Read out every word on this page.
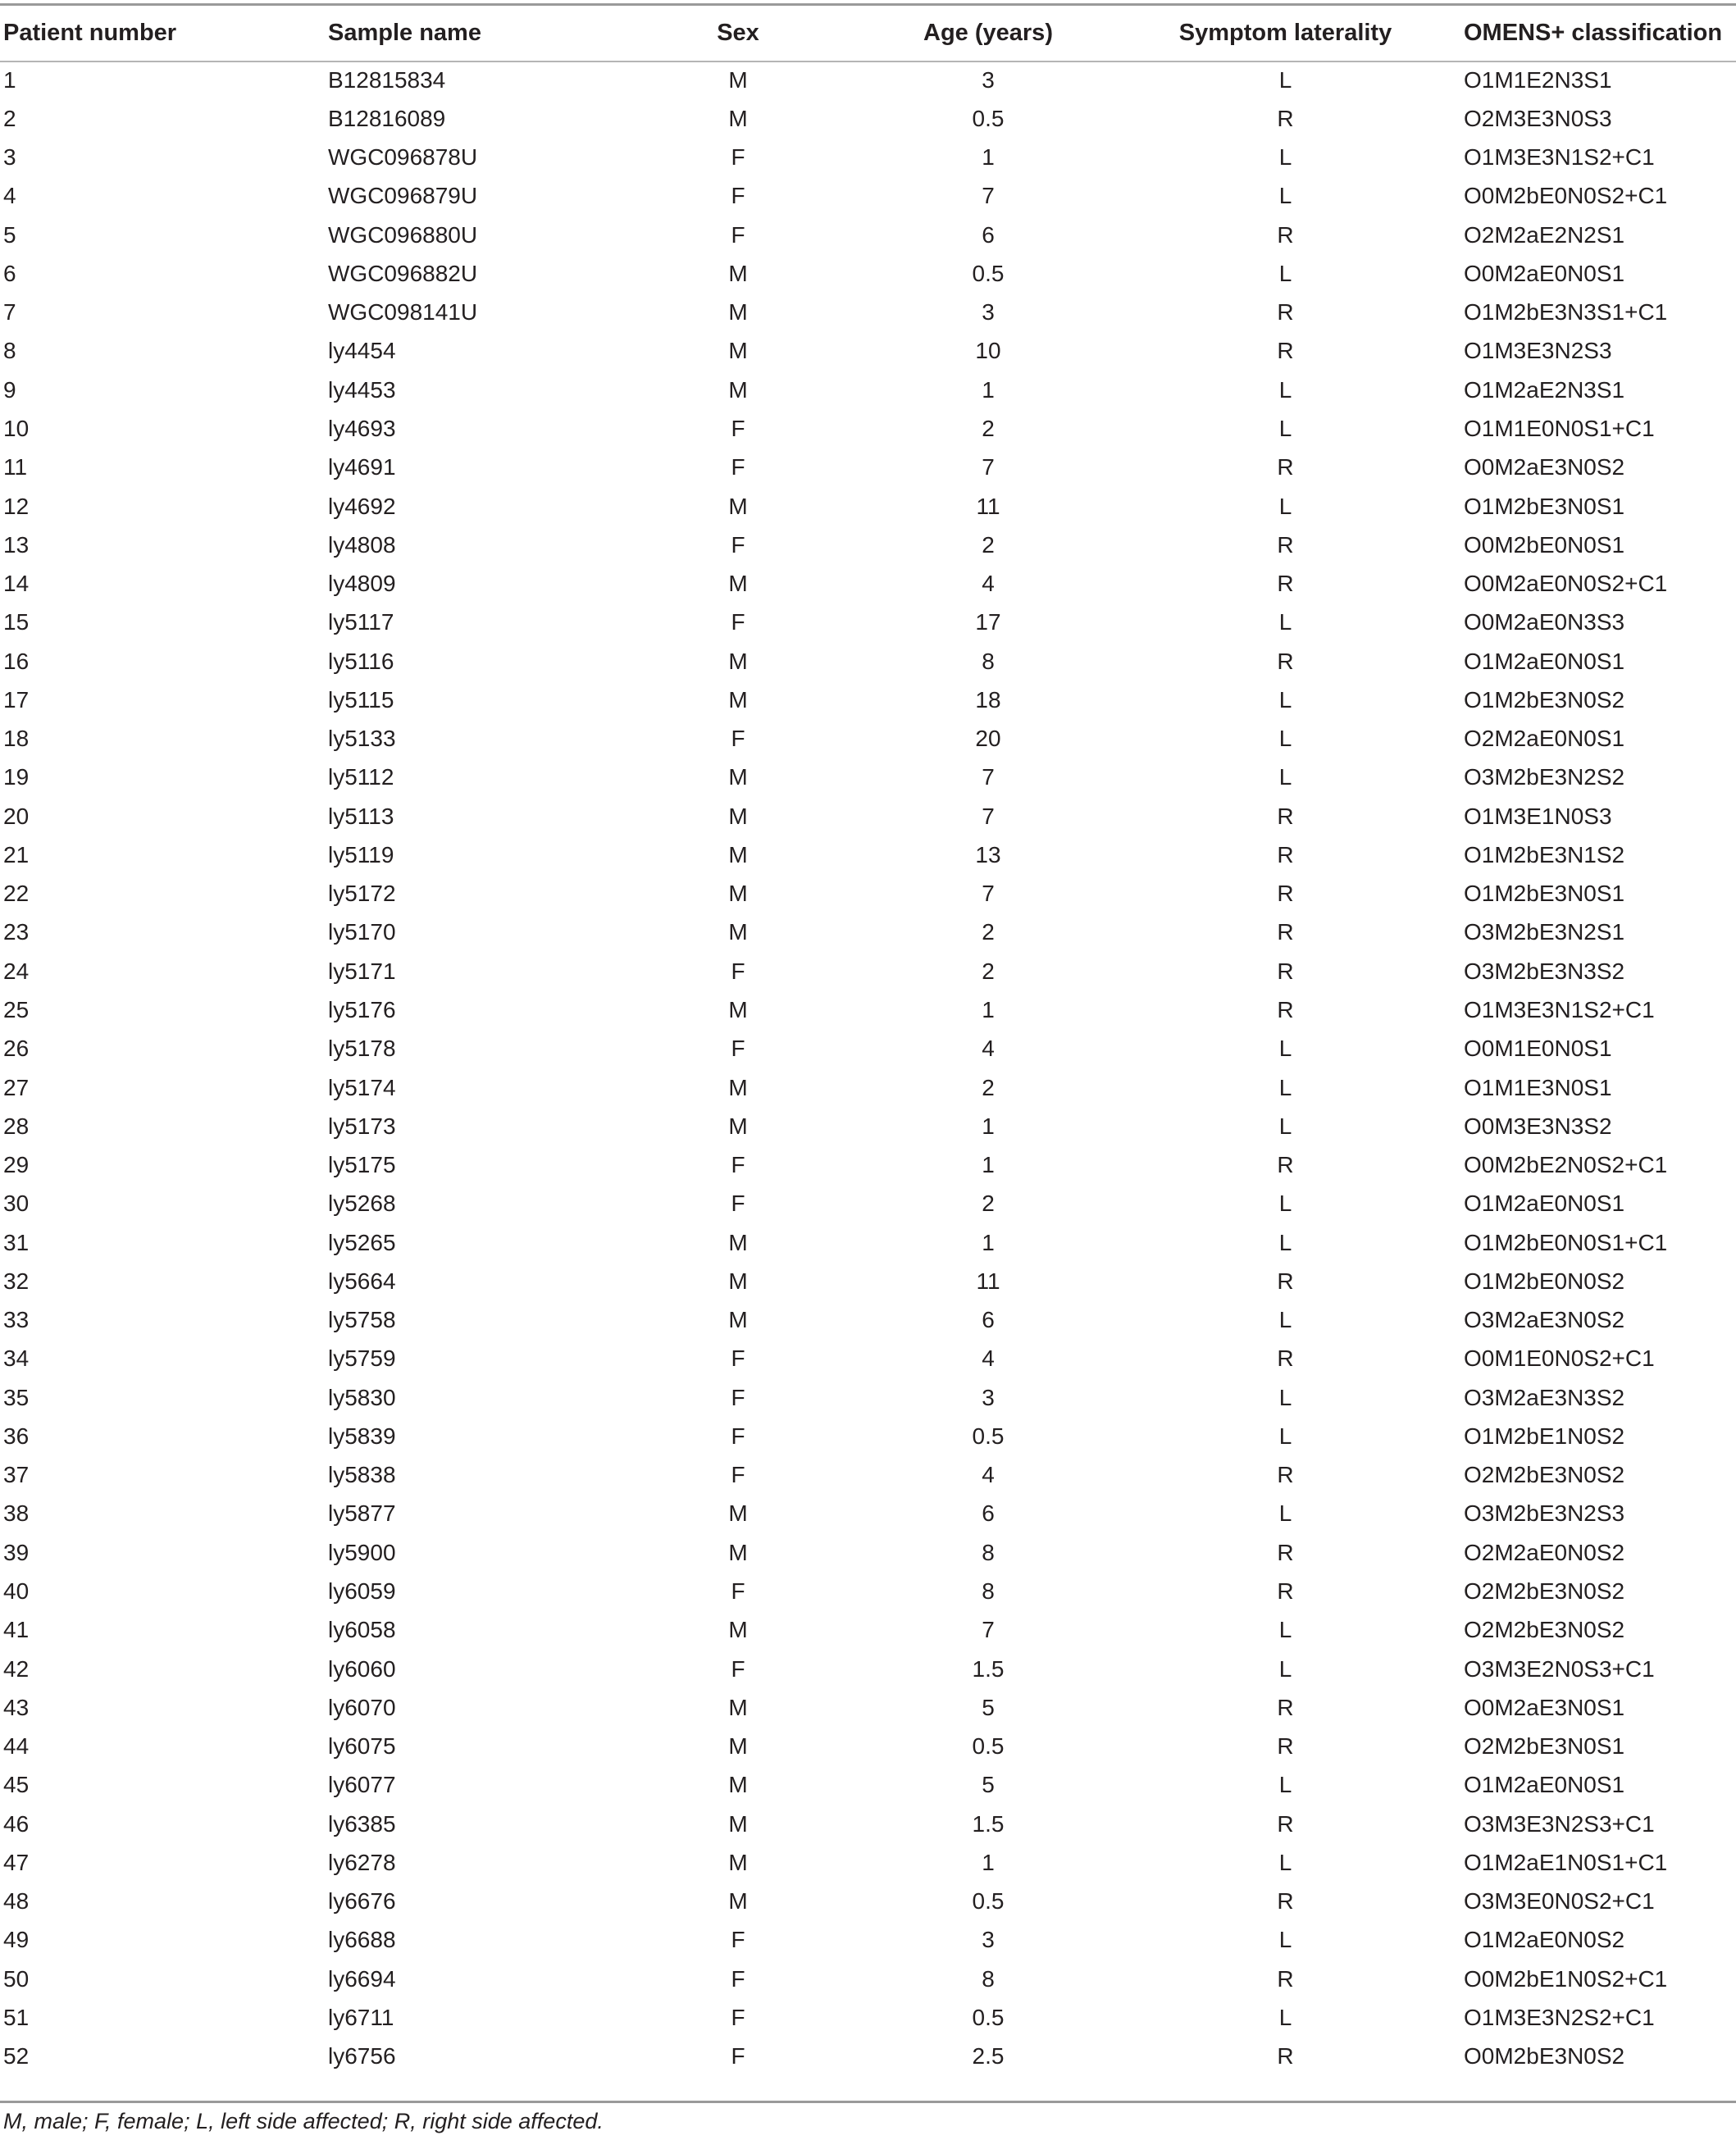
Patient number	Sample name	Sex	Age (years)	Symptom laterality	OMENS+ classification
1	B12815834	M	3	L	O1M1E2N3S1
2	B12816089	M	0.5	R	O2M3E3N0S3
3	WGC096878U	F	1	L	O1M3E3N1S2+C1
4	WGC096879U	F	7	L	O0M2bE0N0S2+C1
5	WGC096880U	F	6	R	O2M2aE2N2S1
6	WGC096882U	M	0.5	L	O0M2aE0N0S1
7	WGC098141U	M	3	R	O1M2bE3N3S1+C1
8	ly4454	M	10	R	O1M3E3N2S3
9	ly4453	M	1	L	O1M2aE2N3S1
10	ly4693	F	2	L	O1M1E0N0S1+C1
11	ly4691	F	7	R	O0M2aE3N0S2
12	ly4692	M	11	L	O1M2bE3N0S1
13	ly4808	F	2	R	O0M2bE0N0S1
14	ly4809	M	4	R	O0M2aE0N0S2+C1
15	ly5117	F	17	L	O0M2aE0N3S3
16	ly5116	M	8	R	O1M2aE0N0S1
17	ly5115	M	18	L	O1M2bE3N0S2
18	ly5133	F	20	L	O2M2aE0N0S1
19	ly5112	M	7	L	O3M2bE3N2S2
20	ly5113	M	7	R	O1M3E1N0S3
21	ly5119	M	13	R	O1M2bE3N1S2
22	ly5172	M	7	R	O1M2bE3N0S1
23	ly5170	M	2	R	O3M2bE3N2S1
24	ly5171	F	2	R	O3M2bE3N3S2
25	ly5176	M	1	R	O1M3E3N1S2+C1
26	ly5178	F	4	L	O0M1E0N0S1
27	ly5174	M	2	L	O1M1E3N0S1
28	ly5173	M	1	L	O0M3E3N3S2
29	ly5175	F	1	R	O0M2bE2N0S2+C1
30	ly5268	F	2	L	O1M2aE0N0S1
31	ly5265	M	1	L	O1M2bE0N0S1+C1
32	ly5664	M	11	R	O1M2bE0N0S2
33	ly5758	M	6	L	O3M2aE3N0S2
34	ly5759	F	4	R	O0M1E0N0S2+C1
35	ly5830	F	3	L	O3M2aE3N3S2
36	ly5839	F	0.5	L	O1M2bE1N0S2
37	ly5838	F	4	R	O2M2bE3N0S2
38	ly5877	M	6	L	O3M2bE3N2S3
39	ly5900	M	8	R	O2M2aE0N0S2
40	ly6059	F	8	R	O2M2bE3N0S2
41	ly6058	M	7	L	O2M2bE3N0S2
42	ly6060	F	1.5	L	O3M3E2N0S3+C1
43	ly6070	M	5	R	O0M2aE3N0S1
44	ly6075	M	0.5	R	O2M2bE3N0S1
45	ly6077	M	5	L	O1M2aE0N0S1
46	ly6385	M	1.5	R	O3M3E3N2S3+C1
47	ly6278	M	1	L	O1M2aE1N0S1+C1
48	ly6676	M	0.5	R	O3M3E0N0S2+C1
49	ly6688	F	3	L	O1M2aE0N0S2
50	ly6694	F	8	R	O0M2bE1N0S2+C1
51	ly6711	F	0.5	L	O1M3E3N2S2+C1
52	ly6756	F	2.5	R	O0M2bE3N0S2
M, male; F, female; L, left side affected; R, right side affected.
